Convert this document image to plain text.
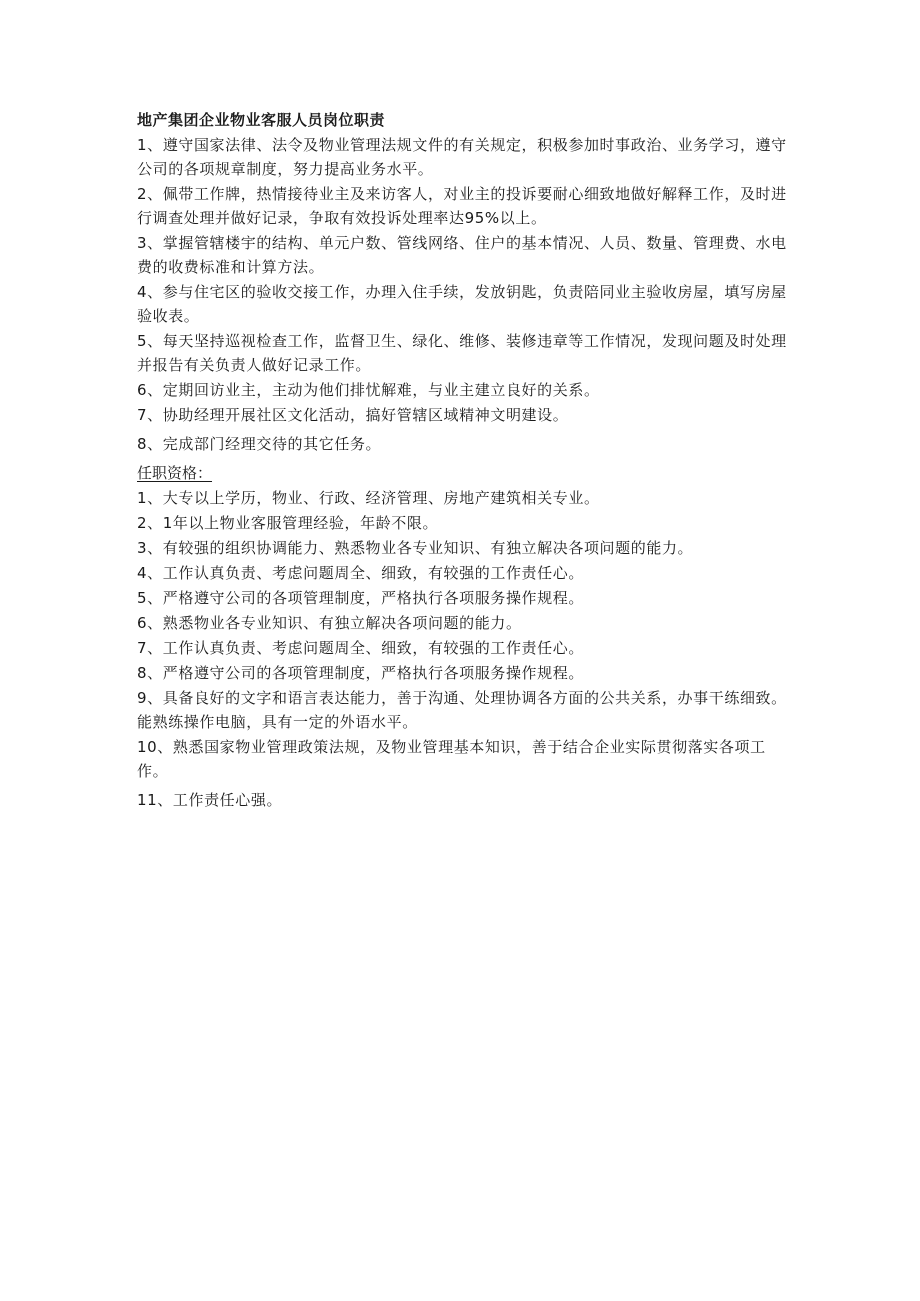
地产集团企业物业客服人员岗位职责
1、遵守国家法律、法令及物业管理法规文件的有关规定，积极参加时事政治、业务学习，遵守公司的各项规章制度，努力提高业务水平。
2、佩带工作牌，热情接待业主及来访客人，对业主的投诉要耐心细致地做好解释工作，及时进行调查处理并做好记录，争取有效投诉处理率达95%以上。
3、掌握管辖楼宇的结构、单元户数、管线网络、住户的基本情况、人员、数量、管理费、水电费的收费标准和计算方法。
4、参与住宅区的验收交接工作，办理入住手续，发放钥匙，负责陪同业主验收房屋，填写房屋验收表。
5、每天坚持巡视检查工作，监督卫生、绿化、维修、装修违章等工作情况，发现问题及时处理并报告有关负责人做好记录工作。
6、定期回访业主，主动为他们排忧解难，与业主建立良好的关系。
7、协助经理开展社区文化活动，搞好管辖区域精神文明建设。
8、完成部门经理交待的其它任务。
任职资格：
1、大专以上学历，物业、行政、经济管理、房地产建筑相关专业。
2、1年以上物业客服管理经验，年龄不限。
3、有较强的组织协调能力、熟悉物业各专业知识、有独立解决各项问题的能力。
4、工作认真负责、考虑问题周全、细致，有较强的工作责任心。
5、严格遵守公司的各项管理制度，严格执行各项服务操作规程。
6、熟悉物业各专业知识、有独立解决各项问题的能力。
7、工作认真负责、考虑问题周全、细致，有较强的工作责任心。
8、严格遵守公司的各项管理制度，严格执行各项服务操作规程。
9、具备良好的文字和语言表达能力，善于沟通、处理协调各方面的公共关系，办事干练细致。能熟练操作电脑，具有一定的外语水平。
10、熟悉国家物业管理政策法规，及物业管理基本知识，善于结合企业实际贯彻落实各项工作。
11、工作责任心强。
